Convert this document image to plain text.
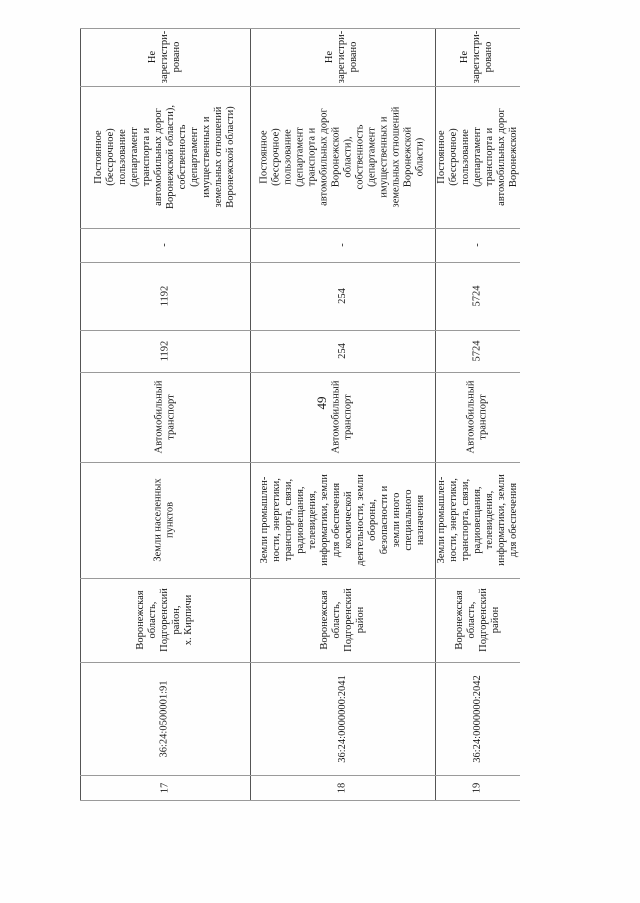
49
Не зарегистри- ровано
Постоянное (бессрочное) пользование (департамент транспорта и автомобильных дорог Воронежской области), собственность (департамент имущественных и земельных отношений Воронежской области)
-
1192
1192
Автомобильный транспорт
Земли населенных пунктов
Воронежская область, Подгоренский район, х. Кирпичи
36:24:0500001:91
17
Не зарегистри- ровано
Постоянное (бессрочное) пользование (департамент транспорта и автомобильных дорог Воронежской области), собственность (департамент имущественных и земельных отношений Воронежской области)
-
254
254
Автомобильный транспорт
Земли промышлен- ности, энергетики, транспорта, связи, радиовещания, телевидения, информатики, земли для обеспечения космической деятельности, земли обороны, безопасности и земли иного специального назначения
Воронежская область, Подгоренский район
36:24:0000000:2041
18
Не зарегистри- ровано
Постоянное (бессрочное) пользование (департамент транспорта и автомобильных дорог Воронежской
-
5724
5724
Автомобильный транспорт
Земли промышлен- ности, энергетики, транспорта, связи, радиовещания, телевидения, информатики, земли для обеспечения
Воронежская область, Подгоренский район
36:24:0000000:2042
19
